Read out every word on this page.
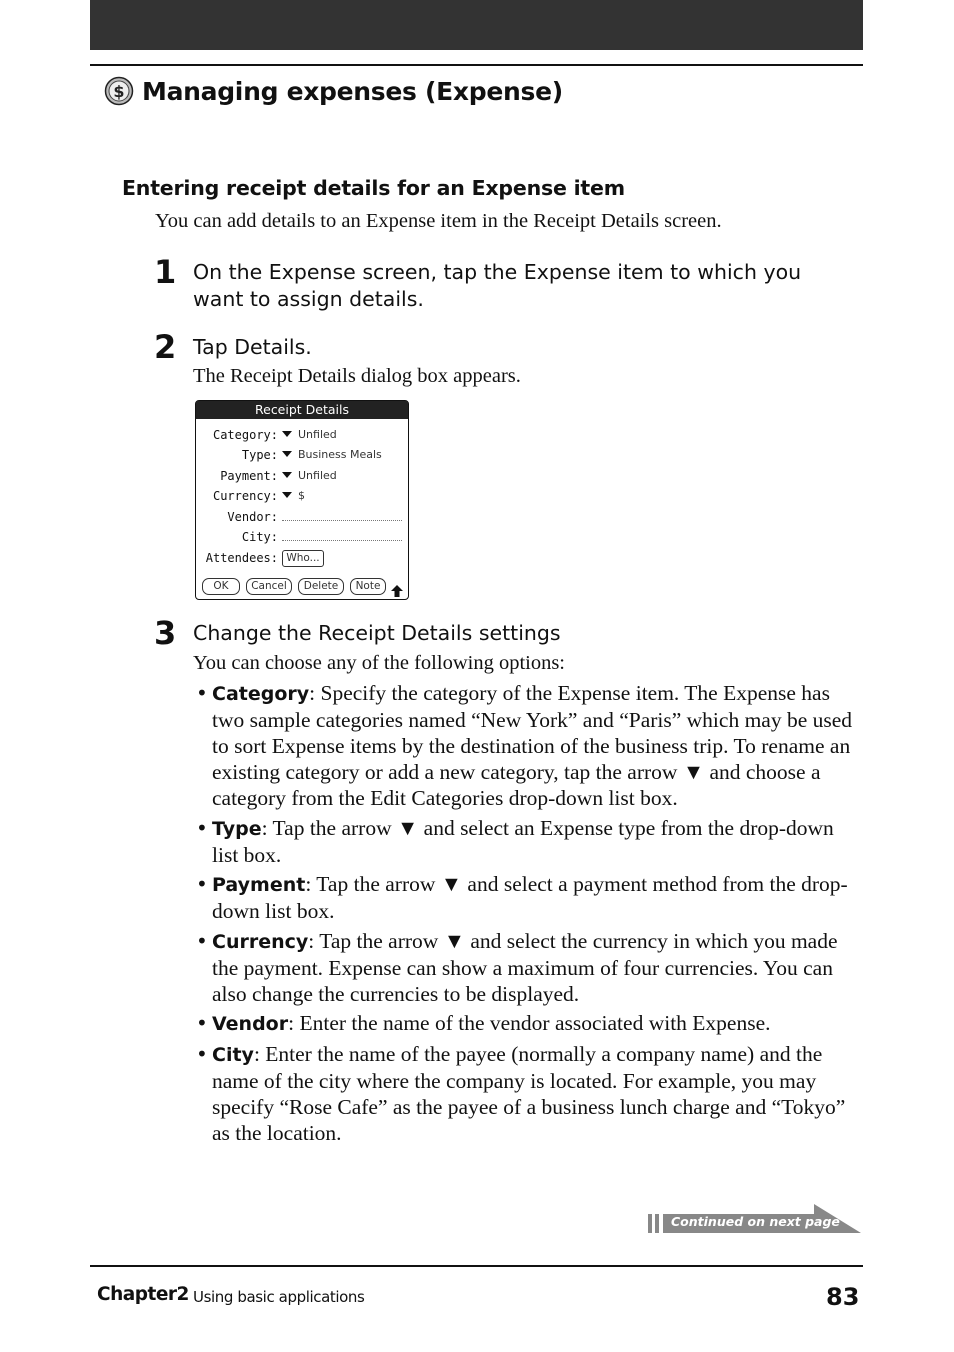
$ Managing expenses (Expense)
Entering receipt details for an Expense item
You can add details to an Expense item in the Receipt Details screen.
1 On the Expense screen, tap the Expense item to which you want to assign details.
2 Tap Details.
The Receipt Details dialog box appears.
Receipt Details
Category:	Unfiled
Type:	Business Meals
Payment:	Unfiled
Currency:	$
Vendor:
City:
Attendees: Who...
OK	Cancel	Delete	Note
3 Change the Receipt Details settings
You can choose any of the following options:
• Category: Specify the category of the Expense item. The Expense has two sample categories named “New York” and “Paris” which may be used to sort Expense items by the destination of the business trip. To rename an existing category or add a new category, tap the arrow ▼ and choose a category from the Edit Categories drop-down list box.
• Type: Tap the arrow ▼ and select an Expense type from the drop-down list box.
• Payment: Tap the arrow ▼ and select a payment method from the drop-down list box.
• Currency: Tap the arrow ▼ and select the currency in which you made the payment. Expense can show a maximum of four currencies. You can also change the currencies to be displayed.
• Vendor: Enter the name of the vendor associated with Expense.
• City: Enter the name of the payee (normally a company name) and the name of the city where the company is located. For example, you may specify “Rose Cafe” as the payee of a business lunch charge and “Tokyo” as the location.
Continued on next page
Chapter2 Using basic applications	83
